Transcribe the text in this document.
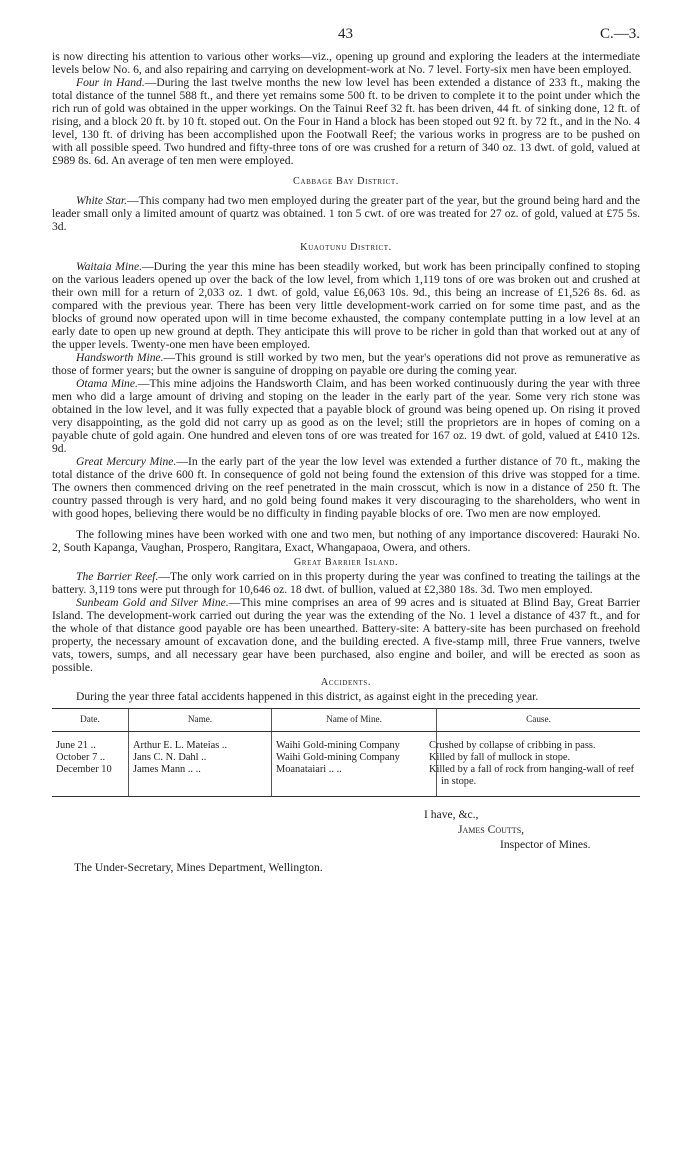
43	C.—3.

is now directing his attention to various other works—viz., opening up ground and exploring the leaders at the intermediate levels below No. 6, and also repairing and carrying on development-work at No. 7 level. Forty-six men have been employed.

Four in Hand.—During the last twelve months the new low level has been extended a distance of 233 ft., making the total distance of the tunnel 588 ft., and there yet remains some 500 ft. to be driven to complete it to the point under which the rich run of gold was obtained in the upper workings. On the Tainui Reef 32 ft. has been driven, 44 ft. of sinking done, 12 ft. of rising, and a block 20 ft. by 10 ft. stoped out. On the Four in Hand a block has been stoped out 92 ft. by 72 ft., and in the No. 4 level, 130 ft. of driving has been accomplished upon the Footwall Reef; the various works in progress are to be pushed on with all possible speed. Two hundred and fifty-three tons of ore was crushed for a return of 340 oz. 13 dwt. of gold, valued at £989 8s. 6d. An average of ten men were employed.

Cabbage Bay District.

White Star.—This company had two men employed during the greater part of the year, but the ground being hard and the leader small only a limited amount of quartz was obtained. 1 ton 5 cwt. of ore was treated for 27 oz. of gold, valued at £75 5s. 3d.

Kuaotunu District.

Waitaia Mine.—During the year this mine has been steadily worked, but work has been principally confined to stoping on the various leaders opened up over the back of the low level, from which 1,119 tons of ore was broken out and crushed at their own mill for a return of 2,033 oz. 1 dwt. of gold, value £6,063 10s. 9d., this being an increase of £1,526 8s. 6d. as compared with the previous year. There has been very little development-work carried on for some time past, and as the blocks of ground now operated upon will in time become exhausted, the company contemplate putting in a low level at an early date to open up new ground at depth. They anticipate this will prove to be richer in gold than that worked out at any of the upper levels. Twenty-one men have been employed.

Handsworth Mine.—This ground is still worked by two men, but the year's operations did not prove as remunerative as those of former years; but the owner is sanguine of dropping on payable ore during the coming year.

Otama Mine.—This mine adjoins the Handsworth Claim, and has been worked continuously during the year with three men who did a large amount of driving and stoping on the leader in the early part of the year. Some very rich stone was obtained in the low level, and it was fully expected that a payable block of ground was being opened up. On rising it proved very disappointing, as the gold did not carry up as good as on the level; still the proprietors are in hopes of coming on a payable chute of gold again. One hundred and eleven tons of ore was treated for 167 oz. 19 dwt. of gold, valued at £410 12s. 9d.

Great Mercury Mine.—In the early part of the year the low level was extended a further distance of 70 ft., making the total distance of the drive 600 ft. In consequence of gold not being found the extension of this drive was stopped for a time. The owners then commenced driving on the reef penetrated in the main crosscut, which is now in a distance of 250 ft. The country passed through is very hard, and no gold being found makes it very discouraging to the shareholders, who went in with good hopes, believing there would be no difficulty in finding payable blocks of ore. Two men are now employed.

The following mines have been worked with one and two men, but nothing of any importance discovered: Hauraki No. 2, South Kapanga, Vaughan, Prospero, Rangitara, Exact, Whangapaoa, Owera, and others.

Great Barrier Island.

The Barrier Reef.—The only work carried on in this property during the year was confined to treating the tailings at the battery. 3,119 tons were put through for 10,646 oz. 18 dwt. of bullion, valued at £2,380 18s. 3d. Two men employed.

Sunbeam Gold and Silver Mine.—This mine comprises an area of 99 acres and is situated at Blind Bay, Great Barrier Island. The development-work carried out during the year was the extending of the No. 1 level a distance of 437 ft., and for the whole of that distance good payable ore has been unearthed. Battery-site: A battery-site has been purchased on freehold property, the necessary amount of excavation done, and the building erected. A five-stamp mill, three Frue vanners, twelve vats, towers, sumps, and all necessary gear have been purchased, also engine and boiler, and will be erected as soon as possible.

Accidents.

During the year three fatal accidents happened in this district, as against eight in the preceding year.

Date.	Name.	Name of Mine.	Cause.
June 21 ..	Arthur E. L. Mateias ..	Waihi Gold-mining Company	Crushed by collapse of cribbing in pass.
October 7 ..	Jans C. N. Dahl ..	Waihi Gold-mining Company	Killed by fall of mullock in stope.
December 10	James Mann .. ..	Moanataiari .. ..	Killed by a fall of rock from hanging-wall of reef in stope.
I have, &c.,
James Coutts,
Inspector of Mines.
The Under-Secretary, Mines Department, Wellington.
